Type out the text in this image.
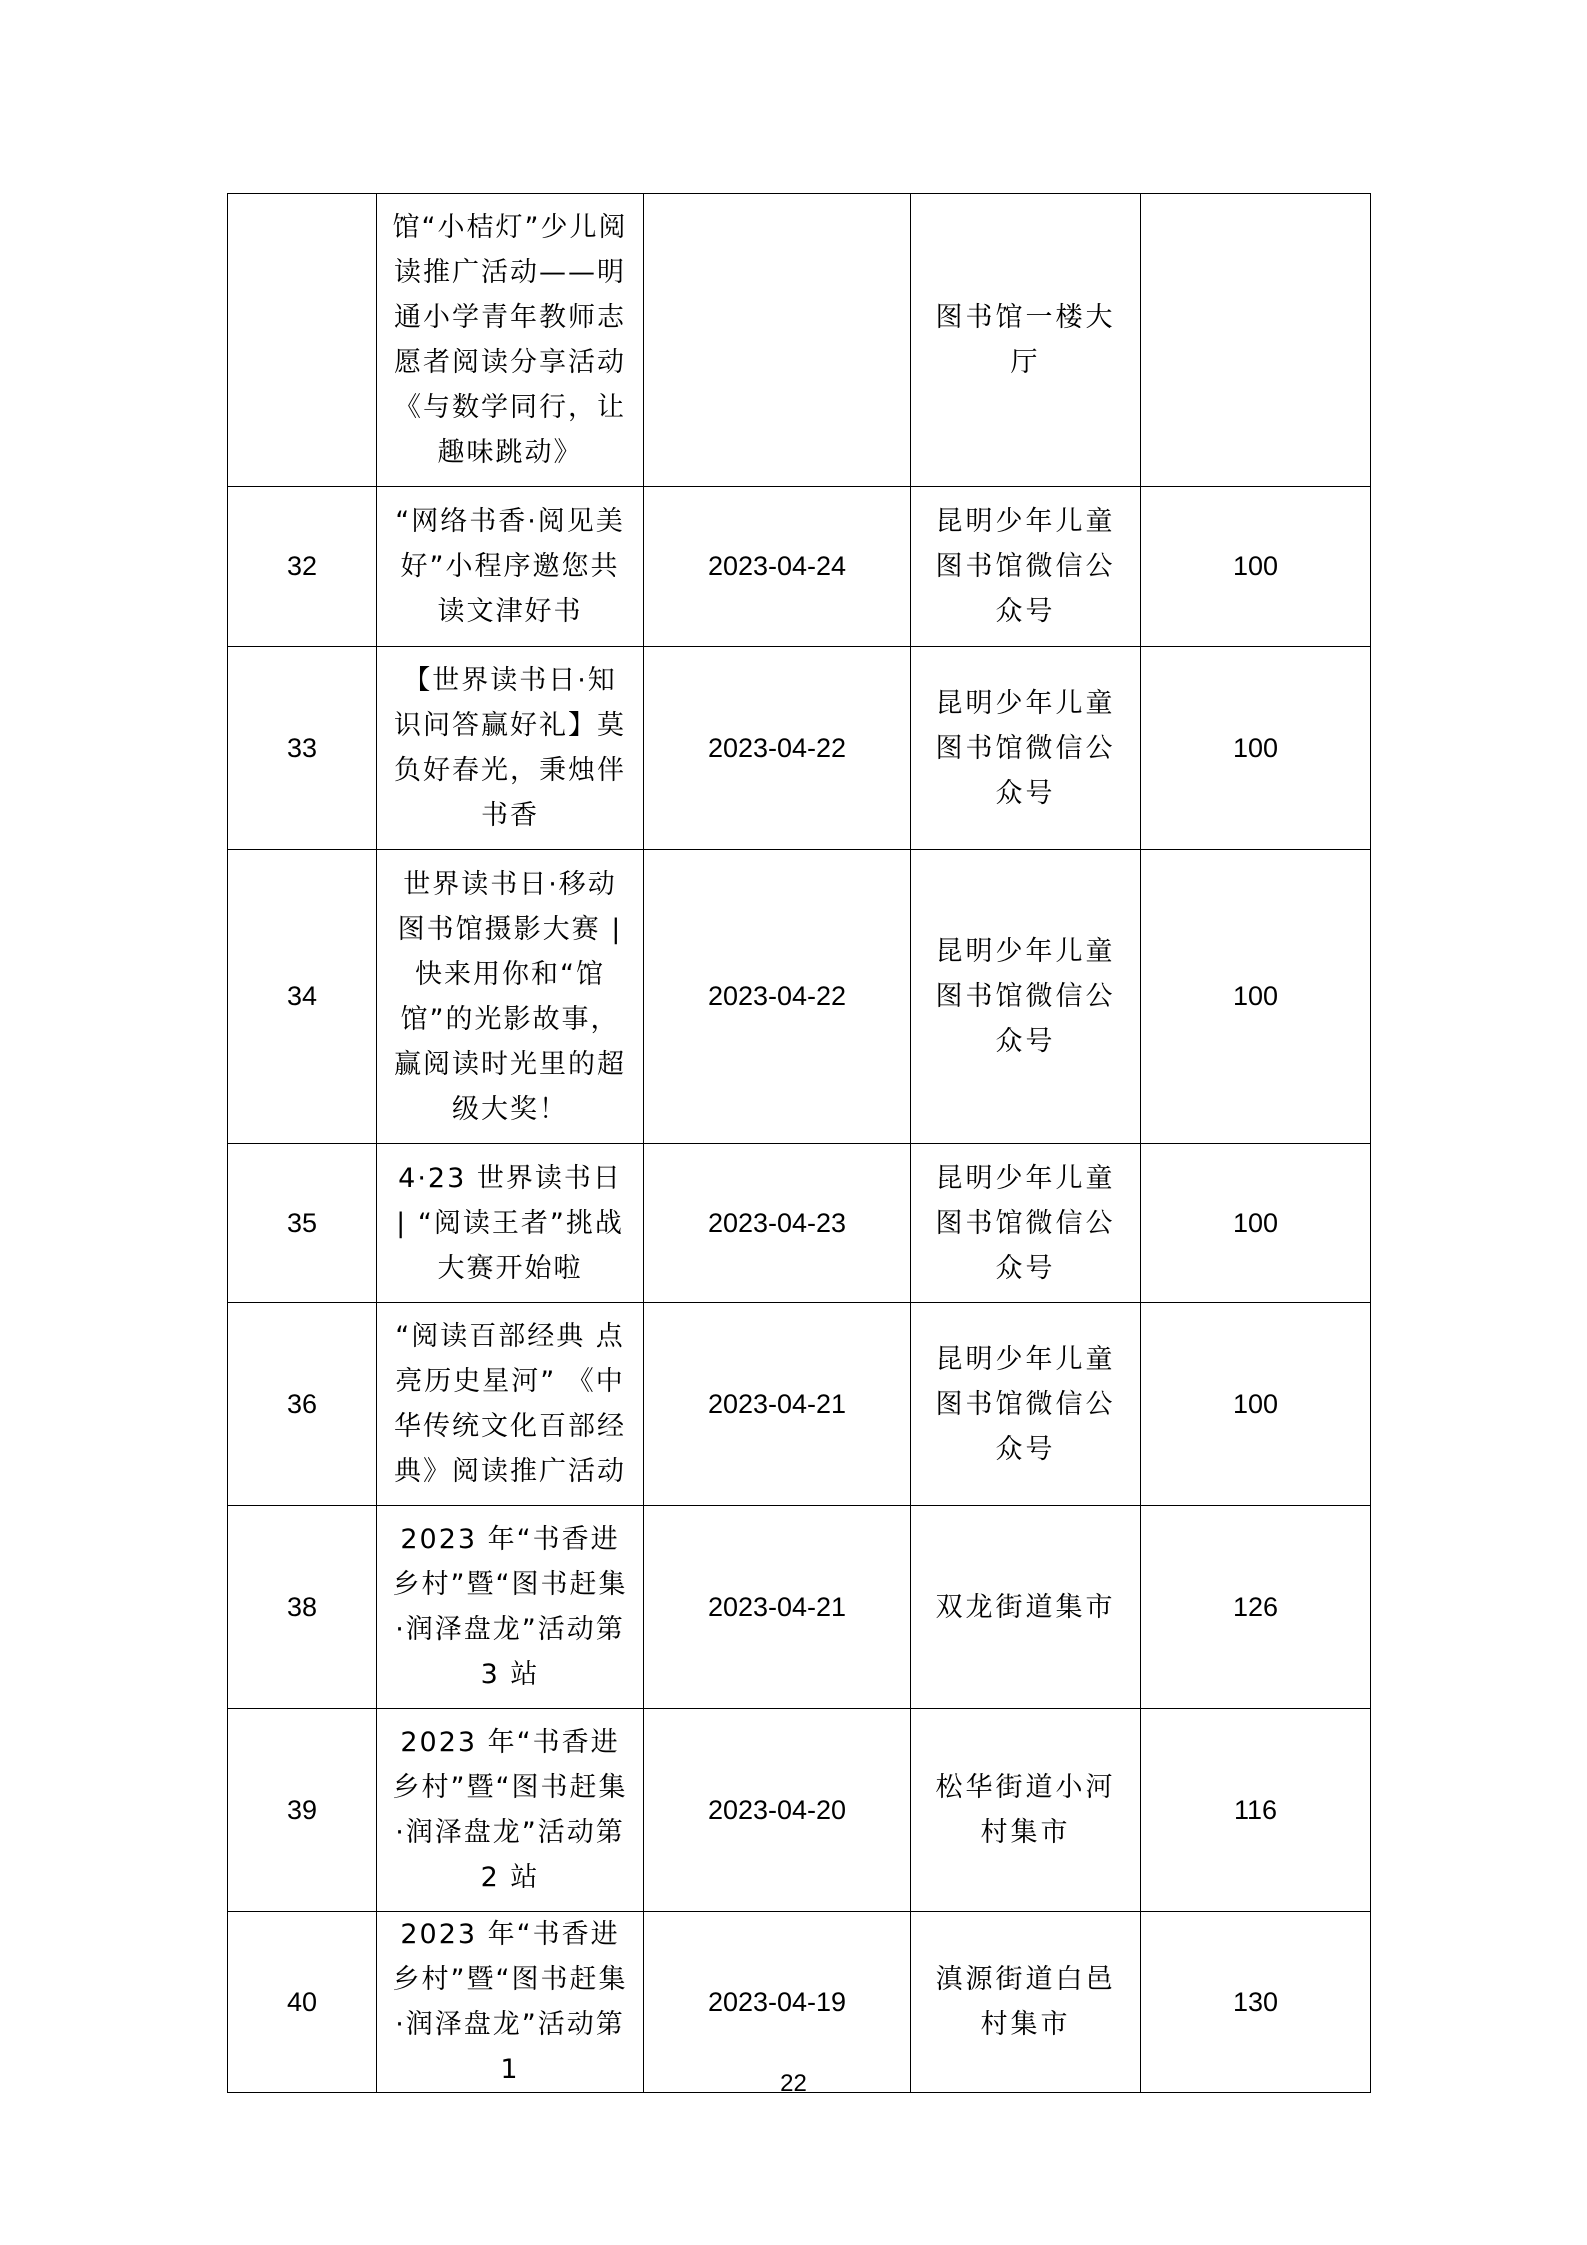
	馆“小桔灯”少儿阅读推广活动——明通小学青年教师志愿者阅读分享活动《与数学同行，让趣味跳动》		图书馆一楼大厅	
32	“网络书香·阅见美好”小程序邀您共读文津好书	2023-04-24	昆明少年儿童图书馆微信公众号	100
33	【世界读书日·知识问答赢好礼】莫负好春光，秉烛伴书香	2023-04-22	昆明少年儿童图书馆微信公众号	100
34	世界读书日·移动图书馆摄影大赛 | 快来用你和“馆馆”的光影故事，赢阅读时光里的超级大奖！	2023-04-22	昆明少年儿童图书馆微信公众号	100
35	4·23 世界读书日 | “阅读王者”挑战大赛开始啦	2023-04-23	昆明少年儿童图书馆微信公众号	100
36	“阅读百部经典 点亮历史星河” 《中华传统文化百部经典》阅读推广活动	2023-04-21	昆明少年儿童图书馆微信公众号	100
38	2023 年“书香进乡村”暨“图书赶集·润泽盘龙”活动第 3 站	2023-04-21	双龙街道集市	126
39	2023 年“书香进乡村”暨“图书赶集·润泽盘龙”活动第 2 站	2023-04-20	松华街道小河村集市	116
40	2023 年“书香进乡村”暨“图书赶集·润泽盘龙”活动第 1	2023-04-19	滇源街道白邑村集市	130
22
